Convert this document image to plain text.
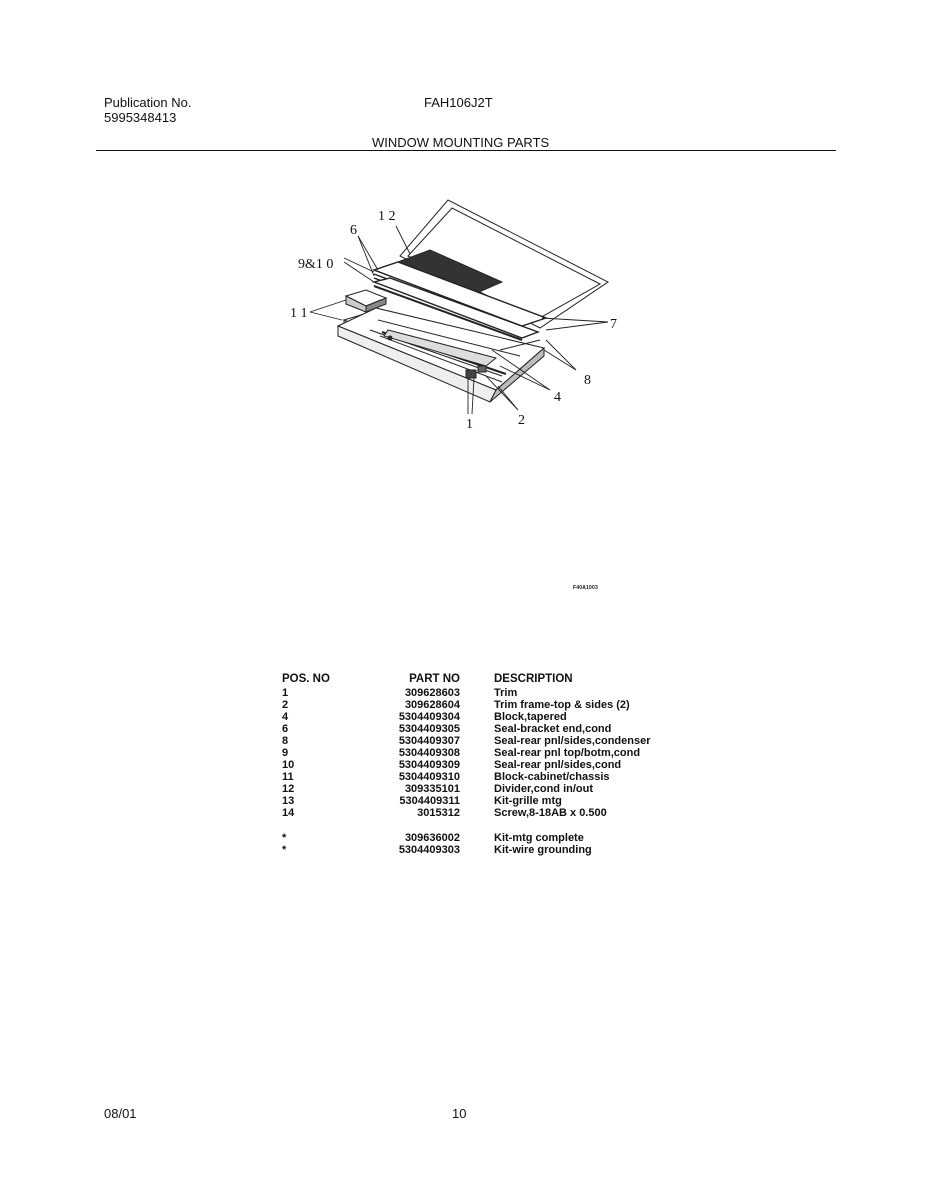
Publication No.
5995348413
FAH106J2T
WINDOW MOUNTING PARTS
1 2
6
9&1 0
1 1
7
8
4
2
1
F40A1003
POS. NO	PART NO	DESCRIPTION
1	309628603	Trim
2	309628604	Trim frame-top & sides (2)
4	5304409304	Block,tapered
6	5304409305	Seal-bracket end,cond
8	5304409307	Seal-rear pnl/sides,condenser
9	5304409308	Seal-rear pnl top/botm,cond
10	5304409309	Seal-rear pnl/sides,cond
11	5304409310	Block-cabinet/chassis
12	309335101	Divider,cond in/out
13	5304409311	Kit-grille mtg
14	3015312	Screw,8-18AB x 0.500

*	309636002	Kit-mtg complete
*	5304409303	Kit-wire grounding
08/01	10
